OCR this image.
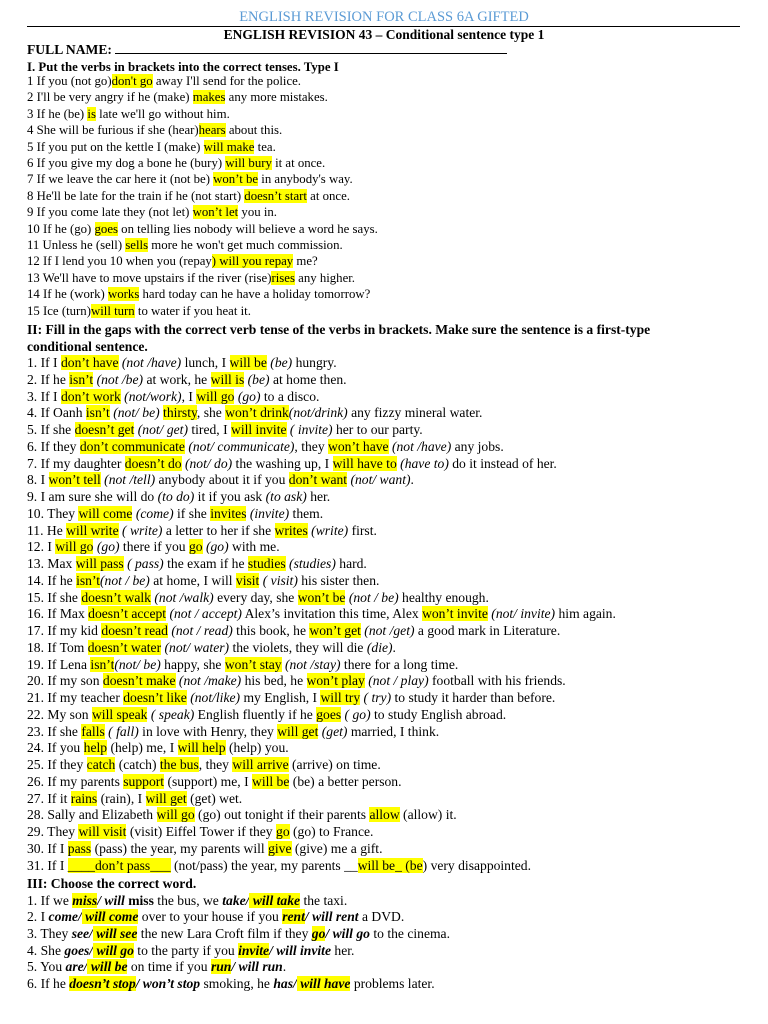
ENGLISH REVISION FOR CLASS 6A GIFTED
ENGLISH REVISION 43 – Conditional sentence type 1
FULL NAME:
I. Put the verbs in brackets into the correct tenses. Type I
1 If you (not go)don't go away I'll send for the police.
2 I'll be very angry if he (make) makes any more mistakes.
3 If he (be) is late we'll go without him.
4 She will be furious if she (hear)hears about this.
5 If you put on the kettle I (make) will make tea.
6 If you give my dog a bone he (bury) will bury it at once.
7 If we leave the car here it (not be) won’t be in anybody's way.
8 He'll be late for the train if he (not start) doesn’t start at once.
9 If you come late they (not let) won’t let you in.
10 If he (go) goes on telling lies nobody will believe a word he says.
11 Unless he (sell) sells more he won't get much commission.
12 If I lend you 10 when you (repay) will you repay me?
13 We'll have to move upstairs if the river (rise)rises any higher.
14 If he (work) works hard today can he have a holiday tomorrow?
15 Ice (turn)will turn to water if you heat it.
II: Fill in the gaps with the correct verb tense of the verbs in brackets. Make sure the sentence is a first-type
conditional sentence.
1. If I don’t have (not /have) lunch, I will be (be) hungry.
2. If he isn’t (not /be) at work, he will is (be) at home then.
3. If I don’t work (not/work), I will go (go) to a disco.
4. If Oanh isn’t (not/ be) thirsty, she won’t drink(not/drink) any fizzy mineral water.
5. If she doesn’t get (not/ get) tired, I will invite ( invite) her to our party.
6. If they don’t communicate (not/ communicate), they won’t have (not /have) any jobs.
7. If my daughter doesn’t do (not/ do) the washing up, I will have to (have to) do it instead of her.
8. I won’t tell (not /tell) anybody about it if you don’t want (not/ want).
9. I am sure she will do (to do) it if you ask (to ask) her.
10. They will come (come) if she invites (invite) them.
11. He will write ( write) a letter to her if she writes (write) first.
12. I will go (go) there if you go (go) with me.
13. Max will pass ( pass) the exam if he studies (studies) hard.
14. If he isn’t(not / be) at home, I will visit ( visit) his sister then.
15. If she doesn’t walk (not /walk) every day, she won’t be (not / be) healthy enough.
16. If Max doesn’t accept (not / accept) Alex’s invitation this time, Alex won’t invite (not/ invite) him again.
17. If my kid doesn’t read (not / read) this book, he won’t get (not /get) a good mark in Literature.
18. If Tom doesn’t water (not/ water) the violets, they will die (die).
19. If Lena isn’t(not/ be) happy, she won’t stay (not /stay) there for a long time.
20. If my son doesn’t make (not /make) his bed, he won’t play (not / play) football with his friends.
21. If my teacher doesn’t like (not/like) my English, I will try ( try) to study it harder than before.
22. My son will speak ( speak) English fluently if he goes ( go) to study English abroad.
23. If she falls ( fall) in love with Henry, they will get (get) married, I think.
24. If you help (help) me, I will help (help) you.
25. If they catch (catch) the bus, they will arrive (arrive) on time.
26. If my parents support (support) me, I will be (be) a better person.
27. If it rains (rain), I will get (get) wet.
28. Sally and Elizabeth will go (go) out tonight if their parents allow (allow) it.
29. They will visit (visit) Eiffel Tower if they go (go) to France.
30. If I pass (pass) the year, my parents will give (give) me a gift.
31. If I ____don’t pass___ (not/pass) the year, my parents __will be_ (be) very disappointed.
III: Choose the correct word.
1. If we miss/ will miss the bus, we take/ will take the taxi.
2. I come/ will come over to your house if you rent/ will rent a DVD.
3. They see/ will see the new Lara Croft film if they go/ will go to the cinema.
4. She goes/ will go to the party if you invite/ will invite her.
5. You are/ will be on time if you run/ will run.
6. If he doesn’t stop/ won’t stop smoking, he has/ will have problems later.
